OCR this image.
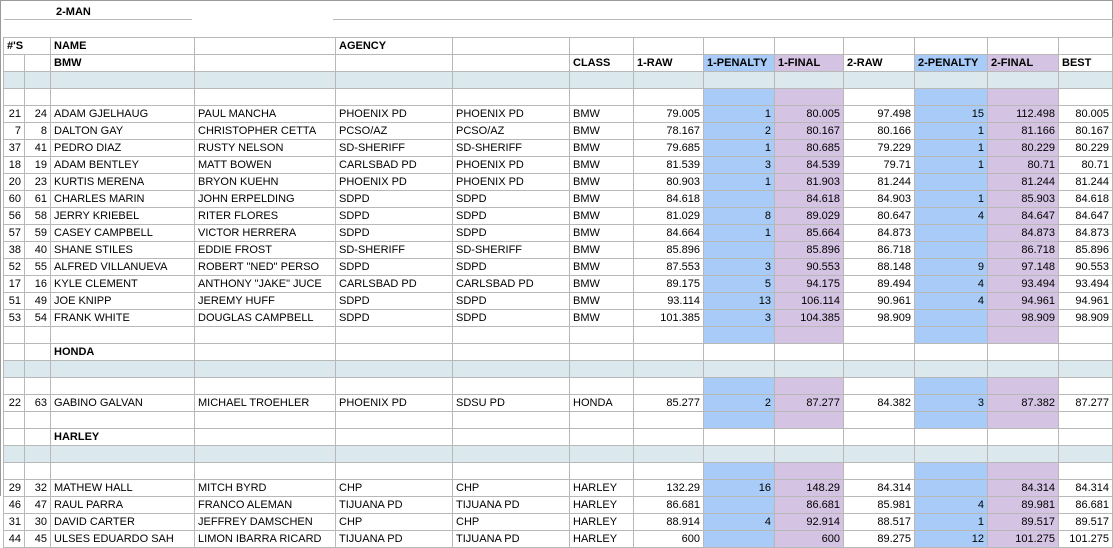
2-MAN
#'S		NAME		AGENCY									
		BMW				CLASS	1-RAW	1-PENALTY	1-FINAL	2-RAW	2-PENALTY	2-FINAL	BEST

21	24	ADAM GJELHAUG	PAUL MANCHA	PHOENIX PD	PHOENIX PD	BMW	79.005	1	80.005	97.498	15	112.498	80.005
7	8	DALTON GAY	CHRISTOPHER CETTA	PCSO/AZ	PCSO/AZ	BMW	78.167	2	80.167	80.166	1	81.166	80.167
37	41	PEDRO DIAZ	RUSTY NELSON	SD-SHERIFF	SD-SHERIFF	BMW	79.685	1	80.685	79.229	1	80.229	80.229
18	19	ADAM BENTLEY	MATT BOWEN	CARLSBAD PD	PHOENIX PD	BMW	81.539	3	84.539	79.71	1	80.71	80.71
20	23	KURTIS MERENA	BRYON KUEHN	PHOENIX PD	PHOENIX PD	BMW	80.903	1	81.903	81.244		81.244	81.244
60	61	CHARLES MARIN	JOHN ERPELDING	SDPD	SDPD	BMW	84.618		84.618	84.903	1	85.903	84.618
56	58	JERRY KRIEBEL	RITER FLORES	SDPD	SDPD	BMW	81.029	8	89.029	80.647	4	84.647	84.647
57	59	CASEY CAMPBELL	VICTOR HERRERA	SDPD	SDPD	BMW	84.664	1	85.664	84.873		84.873	84.873
38	40	SHANE STILES	EDDIE FROST	SD-SHERIFF	SD-SHERIFF	BMW	85.896		85.896	86.718		86.718	85.896
52	55	ALFRED VILLANUEVA	ROBERT "NED" PERSO	SDPD	SDPD	BMW	87.553	3	90.553	88.148	9	97.148	90.553
17	16	KYLE CLEMENT	ANTHONY "JAKE" JUCE	CARLSBAD PD	CARLSBAD PD	BMW	89.175	5	94.175	89.494	4	93.494	93.494
51	49	JOE KNIPP	JEREMY HUFF	SDPD	SDPD	BMW	93.114	13	106.114	90.961	4	94.961	94.961
53	54	FRANK WHITE	DOUGLAS CAMPBELL	SDPD	SDPD	BMW	101.385	3	104.385	98.909		98.909	98.909

		HONDA											

22	63	GABINO GALVAN	MICHAEL TROEHLER	PHOENIX PD	SDSU PD	HONDA	85.277	2	87.277	84.382	3	87.382	87.277

		HARLEY											

29	32	MATHEW HALL	MITCH BYRD	CHP	CHP	HARLEY	132.29	16	148.29	84.314		84.314	84.314
46	47	RAUL PARRA	FRANCO ALEMAN	TIJUANA PD	TIJUANA PD	HARLEY	86.681		86.681	85.981	4	89.981	86.681
31	30	DAVID CARTER	JEFFREY DAMSCHEN	CHP	CHP	HARLEY	88.914	4	92.914	88.517	1	89.517	89.517
44	45	ULSES EDUARDO SAH	LIMON IBARRA RICARD	TIJUANA PD	TIJUANA PD	HARLEY	600		600	89.275	12	101.275	101.275
